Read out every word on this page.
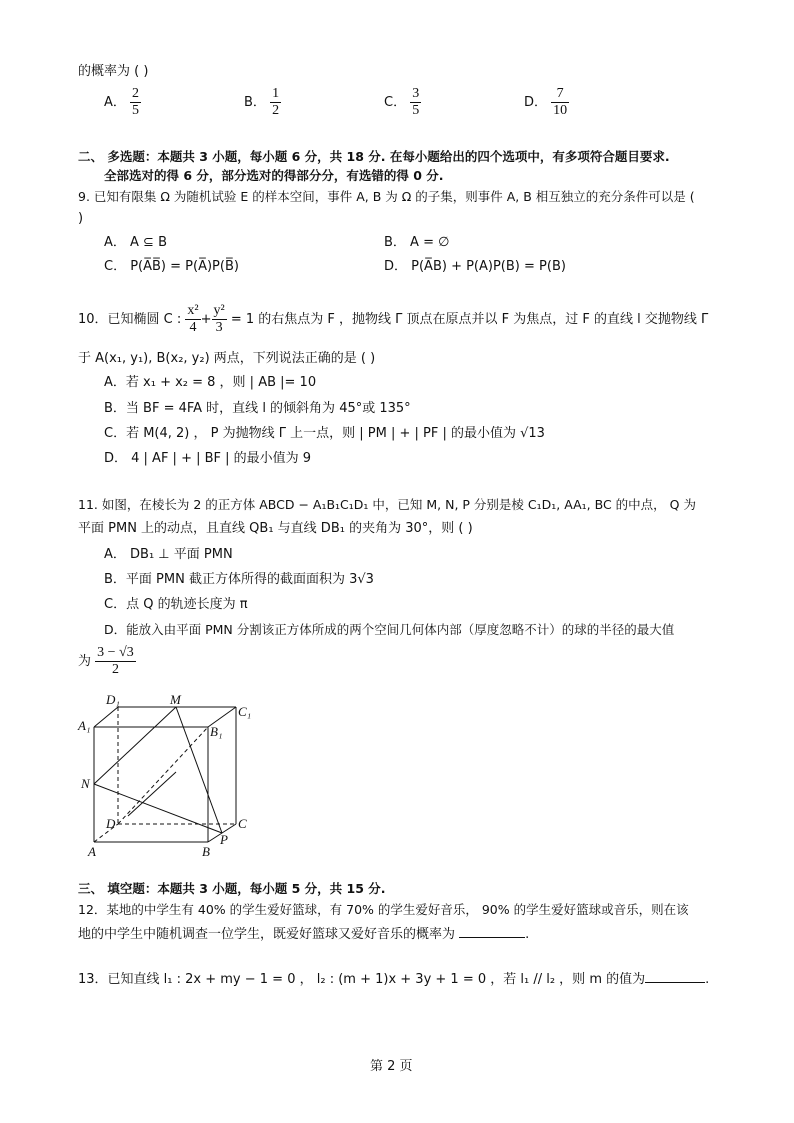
的概率为 ( )
A． $\frac{2}{5}$	B． $\frac{1}{2}$	C． $\frac{3}{5}$	D． $\frac{7}{10}$
二、 多选题：本题共 3 小题，每小题 6 分，共 18 分. 在每小题给出的四个选项中，有多项符合题目要求.
全部选对的得 6 分，部分选对的得部分分，有选错的得 0 分.
9. 已知有限集 Ω 为随机试验 E 的样本空间，事件 A, B 为 Ω 的子集，则事件 A, B 相互独立的充分条件可以是 (
)
A． A ⊆ B	B． A = ∅
C． P(A̅B̅) = P(A̅)P(B̅)	D． P(A̅B) + P(A)P(B) = P(B)
10．已知椭圆 C : $\frac{\text{x²}}{4} + \frac{\text{y²}}{3} = 1$ 的右焦点为 F ，抛物线 Γ 顶点在原点并以 F 为焦点，过 F 的直线 l 交抛物线 Γ
于 A(x₁, y₁), B(x₂, y₂) 两点，下列说法正确的是 ( )
A．若 x₁ + x₂ = 8 ，则 | AB |= 10
B．当 BF = 4FA 时，直线 l 的倾斜角为 45°或 135°
C．若 M(4, 2) ， P 为抛物线 Γ 上一点，则 | PM | + | PF | 的最小值为 √13
D． 4 | AF | + | BF | 的最小值为 9
11. 如图，在棱长为 2 的正方体 ABCD − A₁B₁C₁D₁ 中，已知 M, N, P 分别是棱 C₁D₁, AA₁, BC 的中点， Q 为
平面 PMN 上的动点，且直线 QB₁ 与直线 DB₁ 的夹角为 30°，则 ( )
A． DB₁ ⊥ 平面 PMN
B．平面 PMN 截正方体所得的截面面积为 3√3
C．点 Q 的轨迹长度为 π
D．能放入由平面 PMN 分割该正方体所成的两个空间几何体内部（厚度忽略不计）的球的半径的最大值
为 $\frac{3 - √3}{2}$
D₁	M
C₁
A₁	B₁
N
D	C
P
A	B
三、 填空题：本题共 3 小题，每小题 5 分，共 15 分.
12．某地的中学生有 40% 的学生爱好篮球，有 70% 的学生爱好音乐， 90% 的学生爱好篮球或音乐，则在该
地的中学生中随机调查一位学生，既爱好篮球又爱好音乐的概率为	.
13．已知直线 l₁ : 2x + my − 1 = 0 ， l₂ : (m + 1)x + 3y + 1 = 0 ，若 l₁ // l₂ ，则 m 的值为	.
第 2 页
